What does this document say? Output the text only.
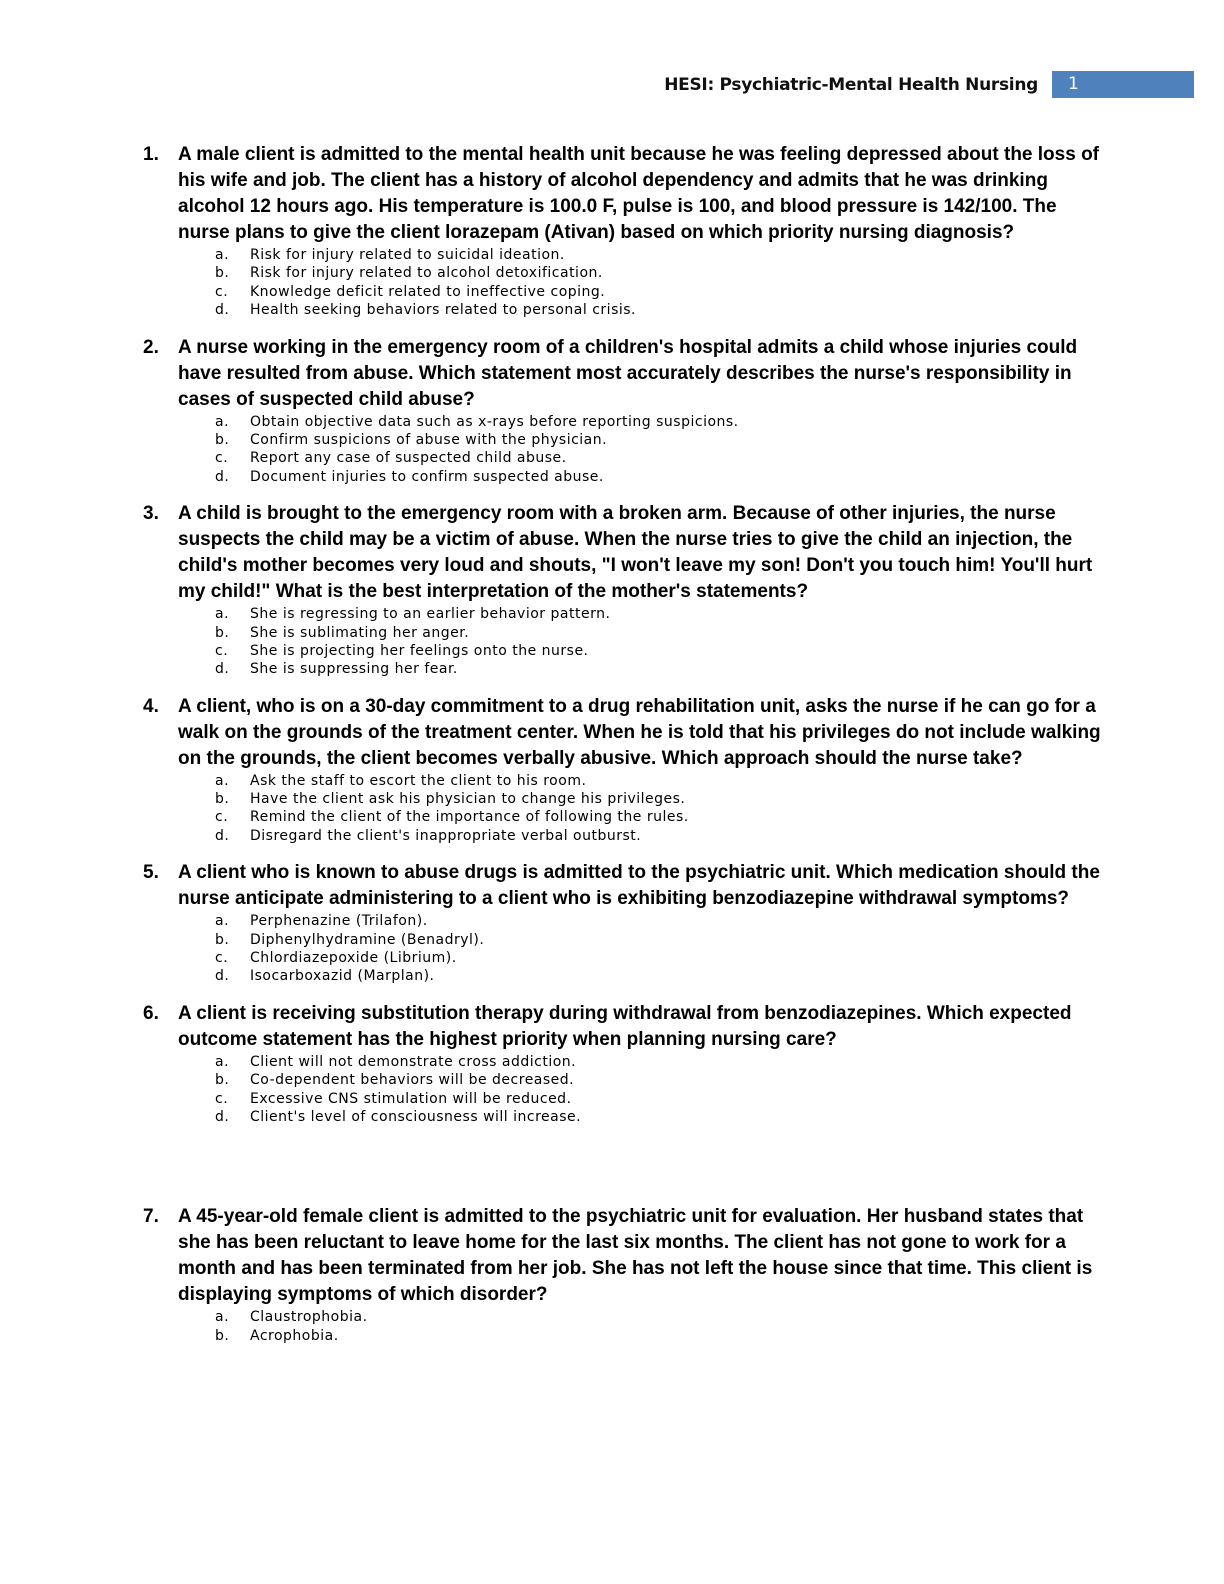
HESI: Psychiatric-Mental Health Nursing 1
1. A male client is admitted to the mental health unit because he was feeling depressed about the loss of his wife and job. The client has a history of alcohol dependency and admits that he was drinking alcohol 12 hours ago. His temperature is 100.0 F, pulse is 100, and blood pressure is 142/100. The nurse plans to give the client lorazepam (Ativan) based on which priority nursing diagnosis?
a. Risk for injury related to suicidal ideation.
b. Risk for injury related to alcohol detoxification.
c. Knowledge deficit related to ineffective coping.
d. Health seeking behaviors related to personal crisis.
2. A nurse working in the emergency room of a children's hospital admits a child whose injuries could have resulted from abuse. Which statement most accurately describes the nurse's responsibility in cases of suspected child abuse?
a. Obtain objective data such as x-rays before reporting suspicions.
b. Confirm suspicions of abuse with the physician.
c. Report any case of suspected child abuse.
d. Document injuries to confirm suspected abuse.
3. A child is brought to the emergency room with a broken arm. Because of other injuries, the nurse suspects the child may be a victim of abuse. When the nurse tries to give the child an injection, the child's mother becomes very loud and shouts, "I won't leave my son! Don't you touch him! You'll hurt my child!" What is the best interpretation of the mother's statements?
a. She is regressing to an earlier behavior pattern.
b. She is sublimating her anger.
c. She is projecting her feelings onto the nurse.
d. She is suppressing her fear.
4. A client, who is on a 30-day commitment to a drug rehabilitation unit, asks the nurse if he can go for a walk on the grounds of the treatment center. When he is told that his privileges do not include walking on the grounds, the client becomes verbally abusive. Which approach should the nurse take?
a. Ask the staff to escort the client to his room.
b. Have the client ask his physician to change his privileges.
c. Remind the client of the importance of following the rules.
d. Disregard the client's inappropriate verbal outburst.
5. A client who is known to abuse drugs is admitted to the psychiatric unit. Which medication should the nurse anticipate administering to a client who is exhibiting benzodiazepine withdrawal symptoms?
a. Perphenazine (Trilafon).
b. Diphenylhydramine (Benadryl).
c. Chlordiazepoxide (Librium).
d. Isocarboxazid (Marplan).
6. A client is receiving substitution therapy during withdrawal from benzodiazepines. Which expected outcome statement has the highest priority when planning nursing care?
a. Client will not demonstrate cross addiction.
b. Co-dependent behaviors will be decreased.
c. Excessive CNS stimulation will be reduced.
d. Client's level of consciousness will increase.
7. A 45-year-old female client is admitted to the psychiatric unit for evaluation. Her husband states that she has been reluctant to leave home for the last six months. The client has not gone to work for a month and has been terminated from her job. She has not left the house since that time. This client is displaying symptoms of which disorder?
a. Claustrophobia.
b. Acrophobia.
